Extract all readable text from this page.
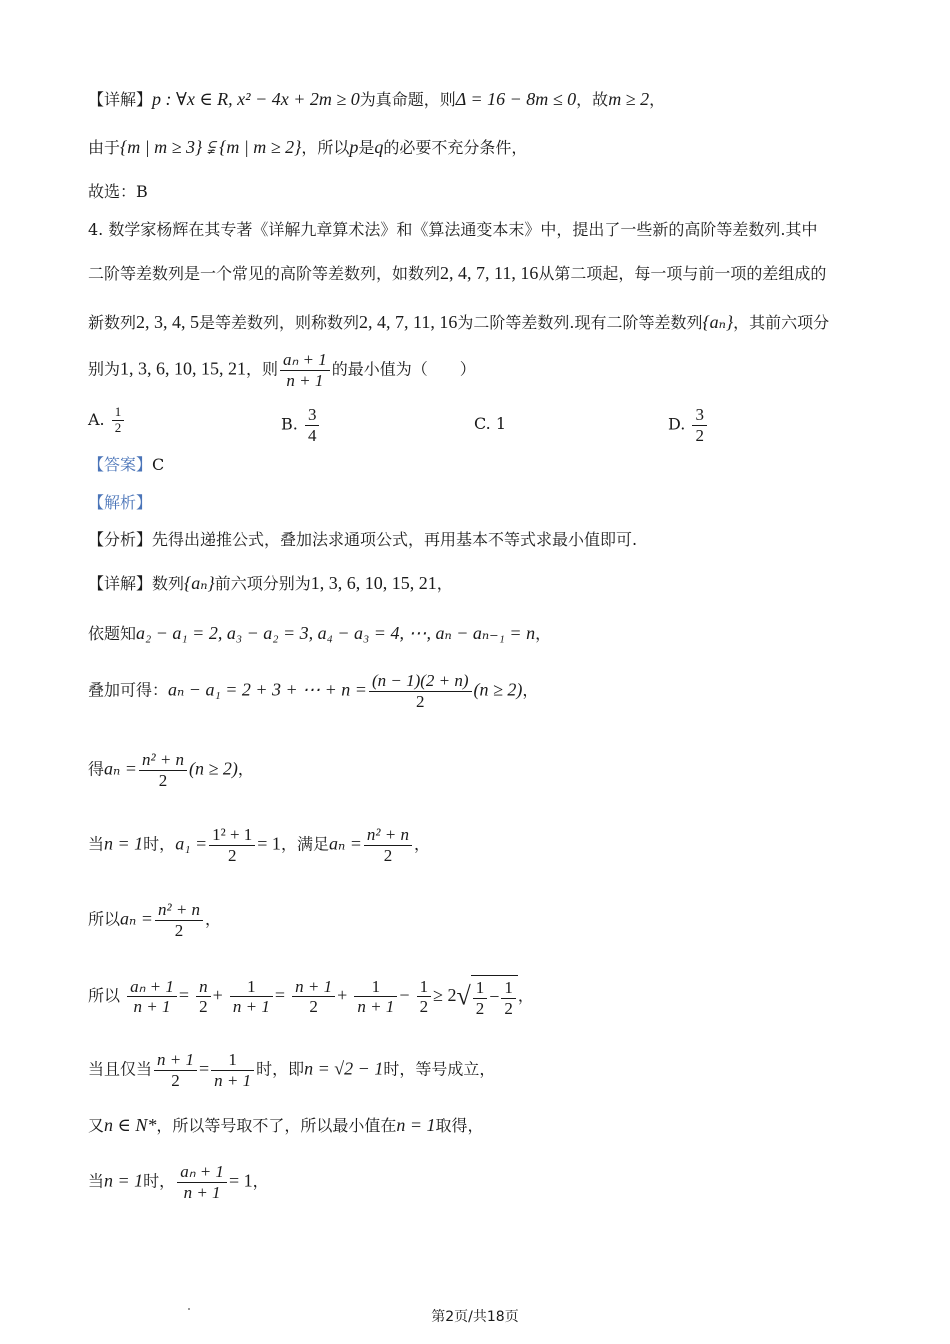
【详解】p : ∀x ∈ R, x² − 4x + 2m ≥ 0为真命题，则Δ = 16 − 8m ≤ 0，故m ≥ 2，
由于{m | m ≥ 3} ⫋ {m | m ≥ 2}，所以p是q的必要不充分条件，
故选：B
4. 数学家杨辉在其专著《详解九章算术法》和《算法通变本末》中，提出了一些新的高阶等差数列.其中
二阶等差数列是一个常见的高阶等差数列，如数列2, 4, 7, 11, 16从第二项起，每一项与前一项的差组成的
新数列2, 3, 4, 5是等差数列，则称数列2, 4, 7, 11, 16为二阶等差数列.现有二阶等差数列{aₙ}，其前六项分
别为1, 3, 6, 10, 15, 21，则 $\frac{\text{aₙ + 1}}{n + 1}$ 的最小值为（　　）
A. $\frac{1}{2}$	B. $\frac{3}{4}$	C. 1	D. $\frac{3}{2}$
【答案】C
【解析】
【分析】先得出递推公式，叠加法求通项公式，再用基本不等式求最小值即可.
【详解】数列{aₙ}前六项分别为1, 3, 6, 10, 15, 21，
依题知a₂ − a₁ = 2, a₃ − a₂ = 3, a₄ − a₃ = 4, ⋯, aₙ − aₙ₋₁ = n，
叠加可得：aₙ − a₁ = 2 + 3 + ⋯ + $n = \frac{(n - 1)(2 + n)}{2} (n \ge 2)$，
得$a_n = \frac{\text{n² + n}}{2} (n \ge 2)$，
当n = 1时，$a_1 = \frac{\text{1² + 1}}{2} = 1$，满足$a_n = \frac{\text{n² + n}}{2}$ ，
所以$a_n = \frac{\text{n² + n}}{2}$ ，
所以 $\frac{\text{aₙ + 1}}{n + 1} = \frac{n}{2} + \frac{1}{n + 1} = \frac{n + 1}{2} + \frac{1}{n + 1} - \frac{1}{2} \ge 2√ \frac{1}{2} - \frac{1}{2}$ ，
当且仅当 $\frac{n + 1}{2} = \frac{1}{n + 1}$ 时，即n = √2 − 1时，等号成立，
又n ∈ N*，所以等号取不了，所以最小值在n = 1取得，
当n = 1时， $\frac{\text{aₙ + 1}}{n + 1} = 1$，
第2页/共18页
